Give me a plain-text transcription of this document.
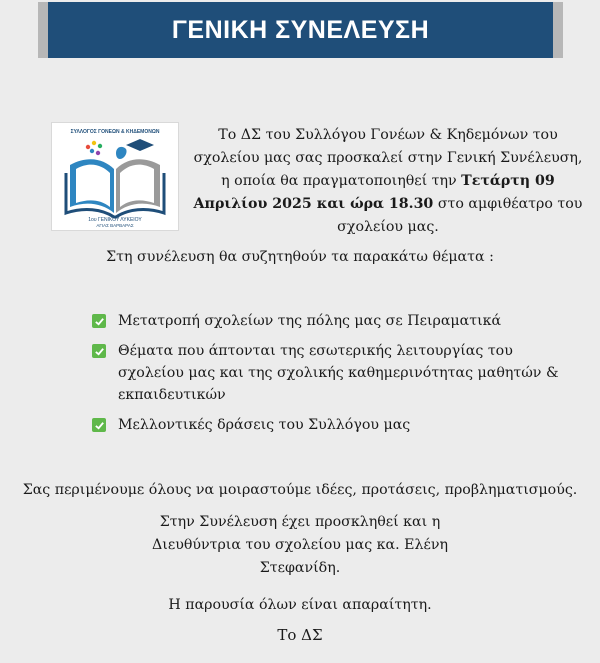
ΓΕΝΙΚΗ ΣΥΝΕΛΕΥΣΗ
ΣΥΛΛΟΓΟΣ ΓΟΝΕΩΝ & ΚΗΔΕΜΟΝΩΝ
1ου ΓΕΝΙΚΟΥ ΛΥΚΕΙΟΥ
ΑΓΙΑΣ ΒΑΡΒΑΡΑΣ
Το ΔΣ του Συλλόγου Γονέων & Κηδεμόνων του σχολείου μας σας προσκαλεί στην Γενική Συνέλευση, η οποία θα πραγματοποιηθεί την Τετάρτη 09 Απριλίου 2025 και ώρα 18.30 στο αμφιθέατρο του σχολείου μας.
Στη συνέλευση θα συζητηθούν τα παρακάτω θέματα :
Μετατροπή σχολείων της πόλης μας σε Πειραματικά
Θέματα που άπτονται της εσωτερικής λειτουργίας του σχολείου μας και της σχολικής καθημερινότητας μαθητών & εκπαιδευτικών
Μελλοντικές δράσεις του Συλλόγου μας
Σας περιμένουμε όλους να μοιραστούμε ιδέες, προτάσεις, προβληματισμούς.
Στην Συνέλευση έχει προσκληθεί και η Διευθύντρια του σχολείου μας κα. Ελένη Στεφανίδη.
Η παρουσία όλων είναι απαραίτητη.
Το ΔΣ
